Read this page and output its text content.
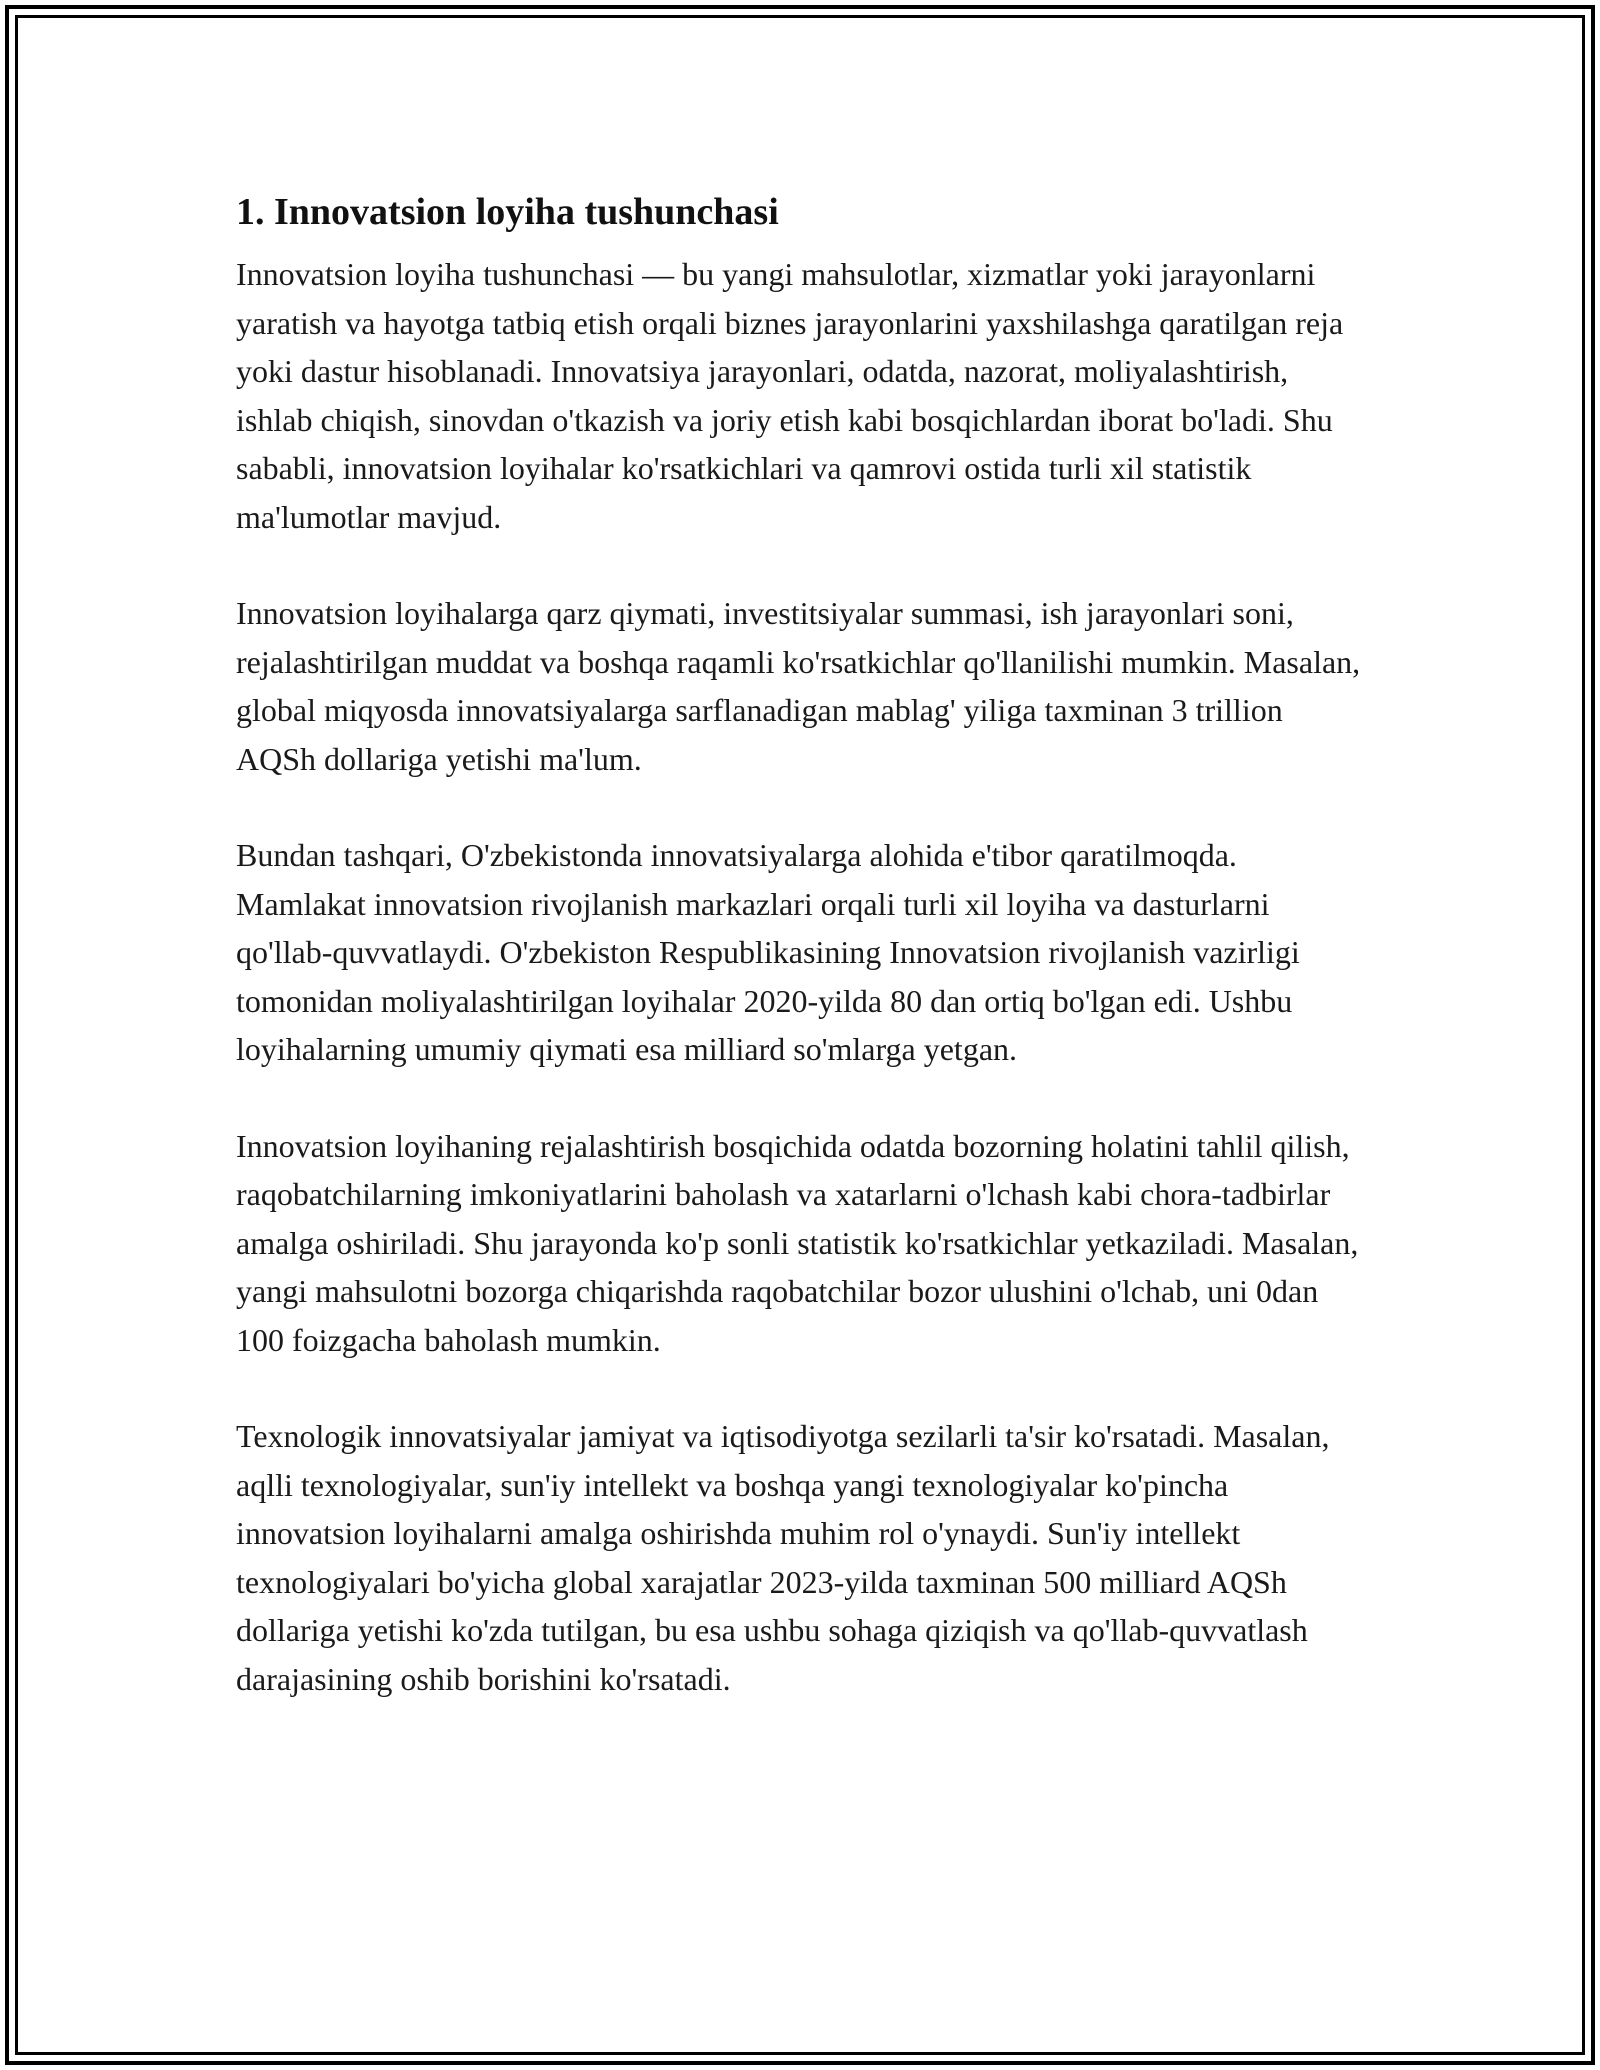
1. Innovatsion loyiha tushunchasi

Innovatsion loyiha tushunchasi — bu yangi mahsulotlar, xizmatlar yoki jarayonlarni yaratish va hayotga tatbiq etish orqali biznes jarayonlarini yaxshilashga qaratilgan reja yoki dastur hisoblanadi. Innovatsiya jarayonlari, odatda, nazorat, moliyalashtirish, ishlab chiqish, sinovdan o'tkazish va joriy etish kabi bosqichlardan iborat bo'ladi. Shu sababli, innovatsion loyihalar ko'rsatkichlari va qamrovi ostida turli xil statistik ma'lumotlar mavjud.

Innovatsion loyihalarga qarz qiymati, investitsiyalar summasi, ish jarayonlari soni, rejalashtirilgan muddat va boshqa raqamli ko'rsatkichlar qo'llanilishi mumkin. Masalan, global miqyosda innovatsiyalarga sarflanadigan mablag' yiliga taxminan 3 trillion AQSh dollariga yetishi ma'lum.

Bundan tashqari, O'zbekistonda innovatsiyalarga alohida e'tibor qaratilmoqda. Mamlakat innovatsion rivojlanish markazlari orqali turli xil loyiha va dasturlarni qo'llab-quvvatlaydi. O'zbekiston Respublikasining Innovatsion rivojlanish vazirligi tomonidan moliyalashtirilgan loyihalar 2020-yilda 80 dan ortiq bo'lgan edi. Ushbu loyihalarning umumiy qiymati esa milliard so'mlarga yetgan.

Innovatsion loyihaning rejalashtirish bosqichida odatda bozorning holatini tahlil qilish, raqobatchilarning imkoniyatlarini baholash va xatarlarni o'lchash kabi chora-tadbirlar amalga oshiriladi. Shu jarayonda ko'p sonli statistik ko'rsatkichlar yetkaziladi. Masalan, yangi mahsulotni bozorga chiqarishda raqobatchilar bozor ulushini o'lchab, uni 0dan 100 foizgacha baholash mumkin.

Texnologik innovatsiyalar jamiyat va iqtisodiyotga sezilarli ta'sir ko'rsatadi. Masalan, aqlli texnologiyalar, sun'iy intellekt va boshqa yangi texnologiyalar ko'pincha innovatsion loyihalarni amalga oshirishda muhim rol o'ynaydi. Sun'iy intellekt texnologiyalari bo'yicha global xarajatlar 2023-yilda taxminan 500 milliard AQSh dollariga yetishi ko'zda tutilgan, bu esa ushbu sohaga qiziqish va qo'llab-quvvatlash darajasining oshib borishini ko'rsatadi.
